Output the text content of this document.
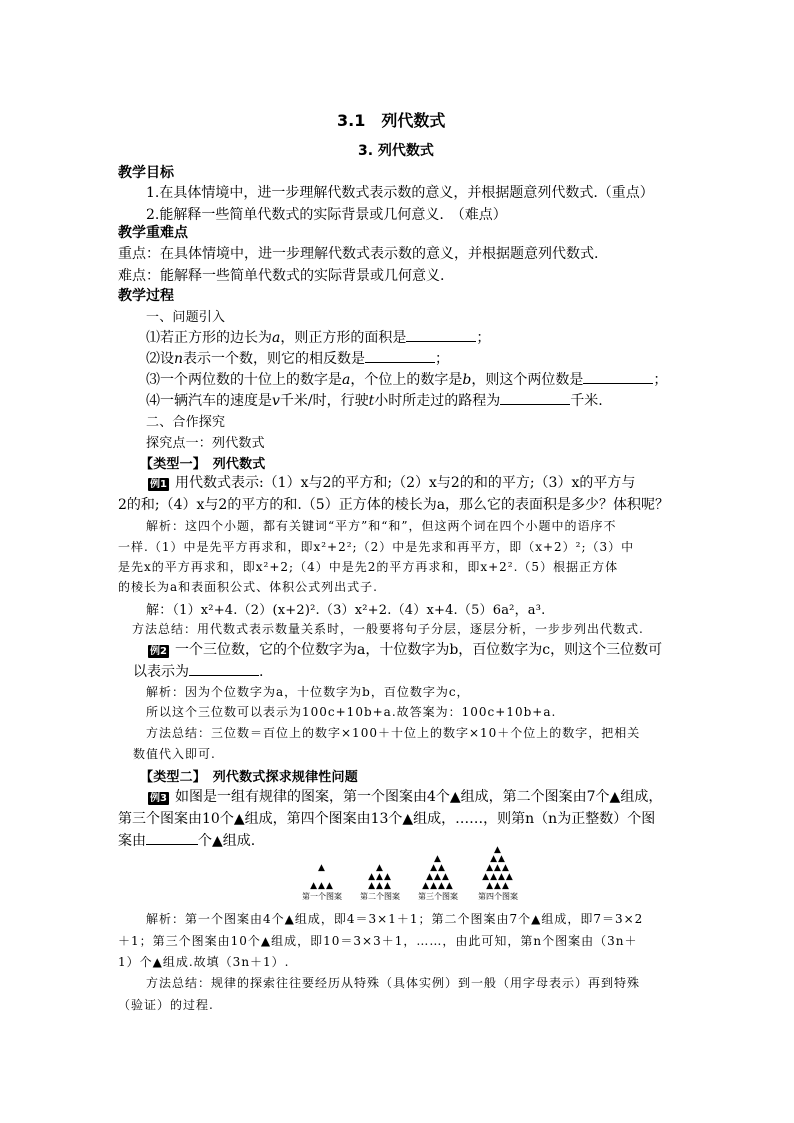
3.1　列代数式
3. 列代数式
教学目标
1.在具体情境中，进一步理解代数式表示数的意义，并根据题意列代数式.（重点）
2.能解释一些简单代数式的实际背景或几何意义.　（难点）
教学重难点
重点：在具体情境中，进一步理解代数式表示数的意义，并根据题意列代数式.
难点：能解释一些简单代数式的实际背景或几何意义.
教学过程
一、问题引入
⑴若正方形的边长为a，则正方形的面积是	；
⑵设n表示一个数，则它的相反数是	；
⑶一个两位数的十位上的数字是a，个位上的数字是b，则这个两位数是	；
⑷一辆汽车的速度是v千米/时，行驶t小时所走过的路程为	千米.
二、合作探究
探究点一：列代数式
【类型一】　列代数式
例1 用代数式表示:（1）x与2的平方和;（2）x与2的和的平方;（3）x的平方与
2的和;（4）x与2的平方的和.（5）正方体的棱长为a，那么它的表面积是多少？体积呢？
解析：这四个小题，都有关键词“平方”和“和”，但这两个词在四个小题中的语序不
一样.（1）中是先平方再求和，即x²+2²;（2）中是先求和再平方，即（x+2）²;（3）中
是先x的平方再求和，即x²+2;（4）中是先2的平方再求和，即x+2².（5）根据正方体
的棱长为a和表面积公式、体积公式列出式子.
解：（1）x²+4.（2）(x+2)².（3）x²+2.（4）x+4.（5）6a²，a³.
方法总结：用代数式表示数量关系时，一般要将句子分层，逐层分析，一步步列出代数式.
例2 一个三位数，它的个位数字为a，十位数字为b，百位数字为c，则这个三位数可
以表示为	.
解析：因为个位数字为a，十位数字为b，百位数字为c，
所以这个三位数可以表示为100c+10b+a.故答案为：100c+10b+a.
方法总结：三位数＝百位上的数字×100＋十位上的数字×10＋个位上的数字，把相关
数值代入即可.
【类型二】　列代数式探求规律性问题
例3 如图是一组有规律的图案，第一个图案由4个▲组成，第二个图案由7个▲组成，
第三个图案由10个▲组成，第四个图案由13个▲组成，……，则第n（n为正整数）个图
案由	个▲组成.
▲

▲▲▲
▲
▲▲▲
▲▲▲
▲
▲▲
▲▲▲
▲▲▲▲
▲
▲▲
▲▲▲
▲▲▲▲
▲▲▲
第一个图案	第二个图案	第三个图案	第四个图案
解析：第一个图案由4个▲组成，即4＝3×1＋1；第二个图案由7个▲组成，即7＝3×2
＋1；第三个图案由10个▲组成，即10＝3×3＋1，……，由此可知，第n个图案由（3n＋
1）个▲组成.故填（3n＋1）.
方法总结：规律的探索往往要经历从特殊（具体实例）到一般（用字母表示）再到特殊
（验证）的过程.
